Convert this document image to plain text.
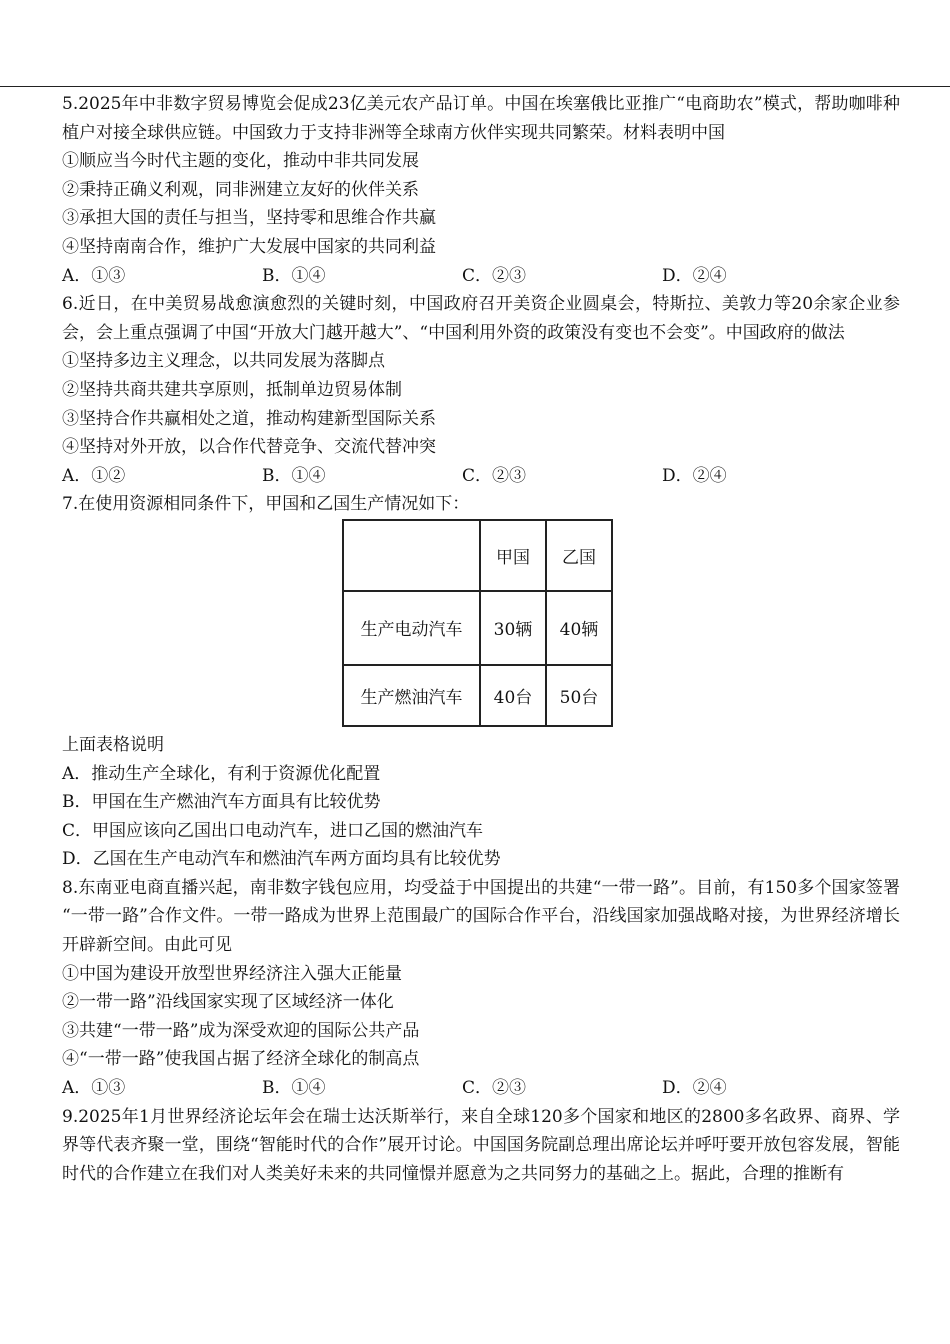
5.2025年中非数字贸易博览会促成23亿美元农产品订单。中国在埃塞俄比亚推广“电商助农”模式，帮助咖啡种植户对接全球供应链。中国致力于支持非洲等全球南方伙伴实现共同繁荣。材料表明中国
①顺应当今时代主题的变化，推动中非共同发展
②秉持正确义利观，同非洲建立友好的伙伴关系
③承担大国的责任与担当，坚持零和思维合作共赢
④坚持南南合作，维护广大发展中国家的共同利益
A．①③	B．①④	C．②③	D．②④
6.近日，在中美贸易战愈演愈烈的关键时刻，中国政府召开美资企业圆桌会，特斯拉、美敦力等20余家企业参会，会上重点强调了中国“开放大门越开越大”、“中国利用外资的政策没有变也不会变”。中国政府的做法
①坚持多边主义理念，以共同发展为落脚点
②坚持共商共建共享原则，抵制单边贸易体制
③坚持合作共赢相处之道，推动构建新型国际关系
④坚持对外开放，以合作代替竞争、交流代替冲突
A．①②	B．①④	C．②③	D．②④
7.在使用资源相同条件下，甲国和乙国生产情况如下：
	甲国	乙国
生产电动汽车	30辆	40辆
生产燃油汽车	40台	50台
上面表格说明
A．推动生产全球化，有利于资源优化配置
B．甲国在生产燃油汽车方面具有比较优势
C．甲国应该向乙国出口电动汽车，进口乙国的燃油汽车
D．乙国在生产电动汽车和燃油汽车两方面均具有比较优势
8.东南亚电商直播兴起，南非数字钱包应用，均受益于中国提出的共建“一带一路”。目前，有150多个国家签署 “一带一路”合作文件。一带一路成为世界上范围最广的国际合作平台，沿线国家加强战略对接，为世界经济增长开辟新空间。由此可见
①中国为建设开放型世界经济注入强大正能量
②一带一路”沿线国家实现了区域经济一体化
③共建“一带一路”成为深受欢迎的国际公共产品
④“一带一路”使我国占据了经济全球化的制高点
A．①③	B．①④	C．②③	D．②④
9.2025年1月世界经济论坛年会在瑞士达沃斯举行，来自全球120多个国家和地区的2800多名政界、商界、学界等代表齐聚一堂，围绕“智能时代的合作”展开讨论。中国国务院副总理出席论坛并呼吁要开放包容发展，智能时代的合作建立在我们对人类美好未来的共同憧憬并愿意为之共同努力的基础之上。据此，合理的推断有
